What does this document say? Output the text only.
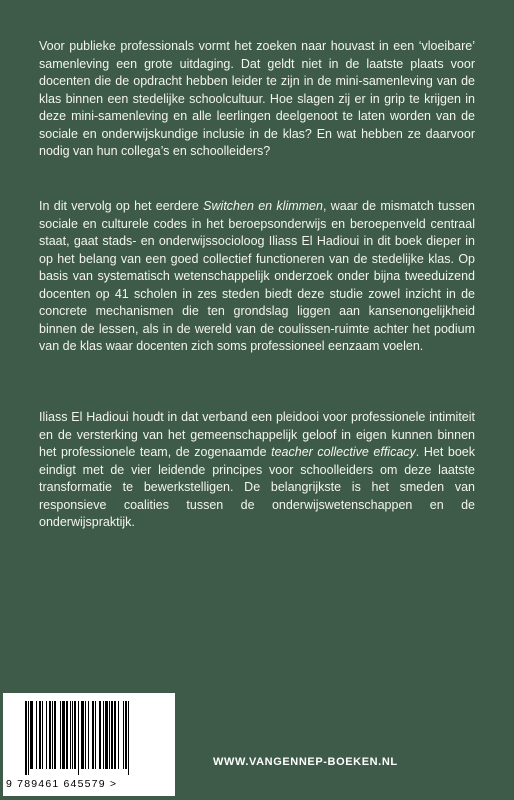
Voor publieke professionals vormt het zoeken naar houvast in een ‘vloeibare’ samenleving een grote uitdaging. Dat geldt niet in de laatste plaats voor docenten die de opdracht hebben leider te zijn in de mini-samenleving van de klas binnen een stedelijke schoolcultuur. Hoe slagen zij er in grip te krijgen in deze mini-samenleving en alle leerlingen deelgenoot te laten worden van de sociale en onderwijskundige inclusie in de klas? En wat hebben ze daarvoor nodig van hun collega’s en schoolleiders?

In dit vervolg op het eerdere Switchen en klimmen, waar de mismatch tussen sociale en culturele codes in het beroepsonderwijs en beroepenveld centraal staat, gaat stads- en onderwijssocioloog Iliass El Hadioui in dit boek dieper in op het belang van een goed collectief functioneren van de stedelijke klas. Op basis van systematisch wetenschappelijk onderzoek onder bijna tweeduizend docenten op 41 scholen in zes steden biedt deze studie zowel inzicht in de concrete mechanismen die ten grondslag liggen aan kansenongelijkheid binnen de lessen, als in de wereld van de coulissen-ruimte achter het podium van de klas waar docenten zich soms professioneel eenzaam voelen.

Iliass El Hadioui houdt in dat verband een pleidooi voor professionele intimiteit en de versterking van het gemeenschappelijk geloof in eigen kunnen binnen het professionele team, de zogenaamde teacher collective efficacy. Het boek eindigt met de vier leidende principes voor schoolleiders om deze laatste transformatie te bewerkstelligen. De belangrijkste is het smeden van responsieve coalities tussen de onderwijswetenschappen en de onderwijspraktijk.

9 789461 645579 >
WWW.VANGENNEP-BOEKEN.NL
